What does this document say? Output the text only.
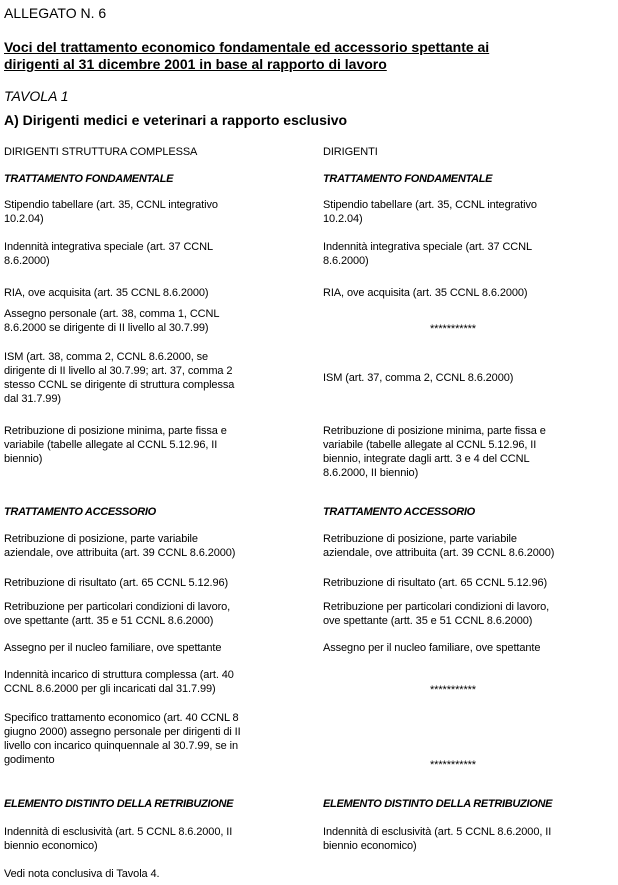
ALLEGATO N. 6
Voci del trattamento economico fondamentale ed accessorio spettante ai
dirigenti al 31 dicembre 2001 in base al rapporto di lavoro
TAVOLA 1
A) Dirigenti medici e veterinari a rapporto esclusivo
DIRIGENTI STRUTTURA COMPLESSA	DIRIGENTI
TRATTAMENTO FONDAMENTALE
Stipendio tabellare (art. 35, CCNL integrativo
10.2.04)
Indennità integrativa speciale (art. 37 CCNL
8.6.2000)
RIA, ove acquisita (art. 35 CCNL 8.6.2000)
Assegno personale (art. 38, comma 1, CCNL
8.6.2000 se dirigente di II livello al 30.7.99)
ISM (art. 38, comma 2, CCNL 8.6.2000, se
dirigente di II livello al 30.7.99; art. 37, comma 2
stesso CCNL se dirigente di struttura complessa
dal 31.7.99)
Retribuzione di posizione minima, parte fissa e
variabile (tabelle allegate al CCNL 5.12.96, II
biennio)
TRATTAMENTO ACCESSORIO
Retribuzione di posizione, parte variabile
aziendale, ove attribuita (art. 39 CCNL 8.6.2000)
Retribuzione di risultato (art. 65 CCNL 5.12.96)
Retribuzione per particolari condizioni di lavoro,
ove spettante (artt. 35 e 51 CCNL 8.6.2000)
Assegno per il nucleo familiare, ove spettante
Indennità incarico di struttura complessa (art. 40
CCNL 8.6.2000 per gli incaricati dal 31.7.99)
Specifico trattamento economico (art. 40 CCNL 8
giugno 2000) assegno personale per dirigenti di II
livello con incarico quinquennale al 30.7.99, se in
godimento
ELEMENTO DISTINTO DELLA RETRIBUZIONE
Indennità di esclusività (art. 5 CCNL 8.6.2000, II
biennio economico)
TRATTAMENTO FONDAMENTALE
Stipendio tabellare (art. 35, CCNL integrativo
10.2.04)
Indennità integrativa speciale (art. 37 CCNL
8.6.2000)
RIA, ove acquisita (art. 35 CCNL 8.6.2000)
***********
ISM (art. 37, comma 2, CCNL 8.6.2000)
Retribuzione di posizione minima, parte fissa e
variabile (tabelle allegate al CCNL 5.12.96, II
biennio, integrate dagli artt. 3 e 4 del CCNL
8.6.2000, II biennio)
TRATTAMENTO ACCESSORIO
Retribuzione di posizione, parte variabile
aziendale, ove attribuita (art. 39 CCNL 8.6.2000)
Retribuzione di risultato (art. 65 CCNL 5.12.96)
Retribuzione per particolari condizioni di lavoro,
ove spettante (artt. 35 e 51 CCNL 8.6.2000)
Assegno per il nucleo familiare, ove spettante
***********
***********
ELEMENTO DISTINTO DELLA RETRIBUZIONE
Indennità di esclusività (art. 5 CCNL 8.6.2000, II
biennio economico)
Vedi nota conclusiva di Tavola 4.
